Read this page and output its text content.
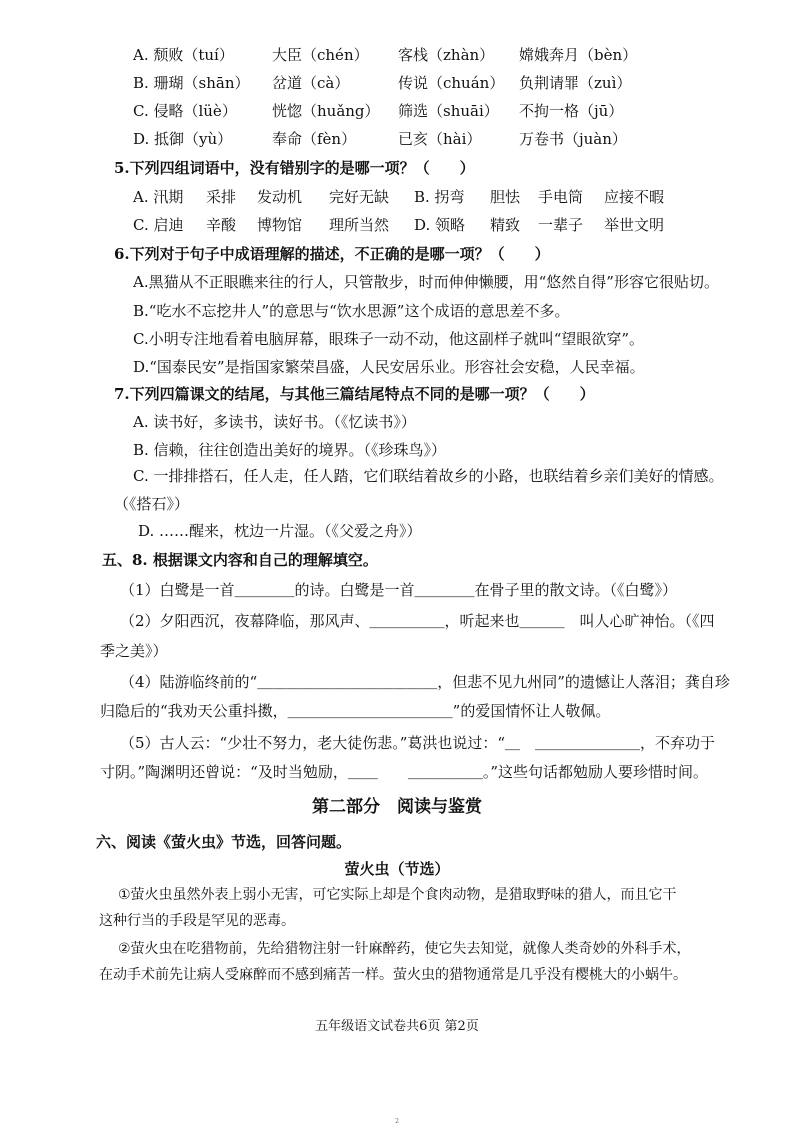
A. 颓败（tuí）	大臣（chén） 客栈（zhàn） 嫦娥奔月（bèn）
B. 珊瑚（shān） 岔道（cà）	传说（chuán） 负荆请罪（zuì）
C. 侵略（lüè） 恍惚（huǎng） 筛选（shuāi） 不拘一格（jū）
D. 抵御（yù）	奉命（fèn）	已亥（hài）	万卷书（juàn）
5.下列四组词语中，没有错别字的是哪一项？（　　）
A. 汛期 采排 发动机 完好无缺 B. 拐弯 胆怯 手电筒 应接不暇
C. 启迪 辛酸 博物馆 理所当然 D. 领略 精致 一辈子 举世文明
6.下列对于句子中成语理解的描述，不正确的是哪一项？（　　）
A.黑猫从不正眼瞧来往的行人，只管散步，时而伸伸懒腰，用“悠然自得”形容它很贴切。
B.“吃水不忘挖井人”的意思与“饮水思源”这个成语的意思差不多。
C.小明专注地看着电脑屏幕，眼珠子一动不动，他这副样子就叫“望眼欲穿”。
D.“国泰民安”是指国家繁荣昌盛，人民安居乐业。形容社会安稳，人民幸福。
7.下列四篇课文的结尾，与其他三篇结尾特点不同的是哪一项？（　　）
A. 读书好，多读书，读好书。（《忆读书》）
B. 信赖，往往创造出美好的境界。（《珍珠鸟》）
C. 一排排搭石，任人走，任人踏，它们联结着故乡的小路，也联结着乡亲们美好的情感。
（《搭石》）
D. ……醒来，枕边一片湿。（《父爱之舟》）
五、8. 根据课文内容和自己的理解填空。
（1）白鹭是一首＿＿＿＿的诗。白鹭是一首＿＿＿＿在骨子里的散文诗。（《白鹭》）
（2）夕阳西沉，夜幕降临，那风声、＿＿＿＿＿，听起来也＿＿＿　叫人心旷神怡。（《四
季之美》）
（4）陆游临终前的“＿＿＿＿＿＿＿＿＿＿＿＿，但悲不见九州同”的遗憾让人落泪；龚自珍
归隐后的“我劝天公重抖擞，＿＿＿＿＿＿＿＿＿＿＿”的爱国情怀让人敬佩。
（5）古人云：“少壮不努力，老大徒伤悲。”葛洪也说过：“＿　＿＿＿＿＿＿＿，不弃功于
寸阴。”陶渊明还曾说：“及时当勉励，＿＿　　＿＿＿＿＿。”这些句话都勉励人要珍惜时间。
第二部分　阅读与鉴赏
六、阅读《萤火虫》节选，回答问题。
萤火虫（节选）
①萤火虫虽然外表上弱小无害，可它实际上却是个食肉动物，是猎取野味的猎人，而且它干
这种行当的手段是罕见的恶毒。
②萤火虫在吃猎物前，先给猎物注射一针麻醉药，使它失去知觉，就像人类奇妙的外科手术，
在动手术前先让病人受麻醉而不感到痛苦一样。萤火虫的猎物通常是几乎没有樱桃大的小蜗牛。
五年级语文试卷共6页 第2页
2
